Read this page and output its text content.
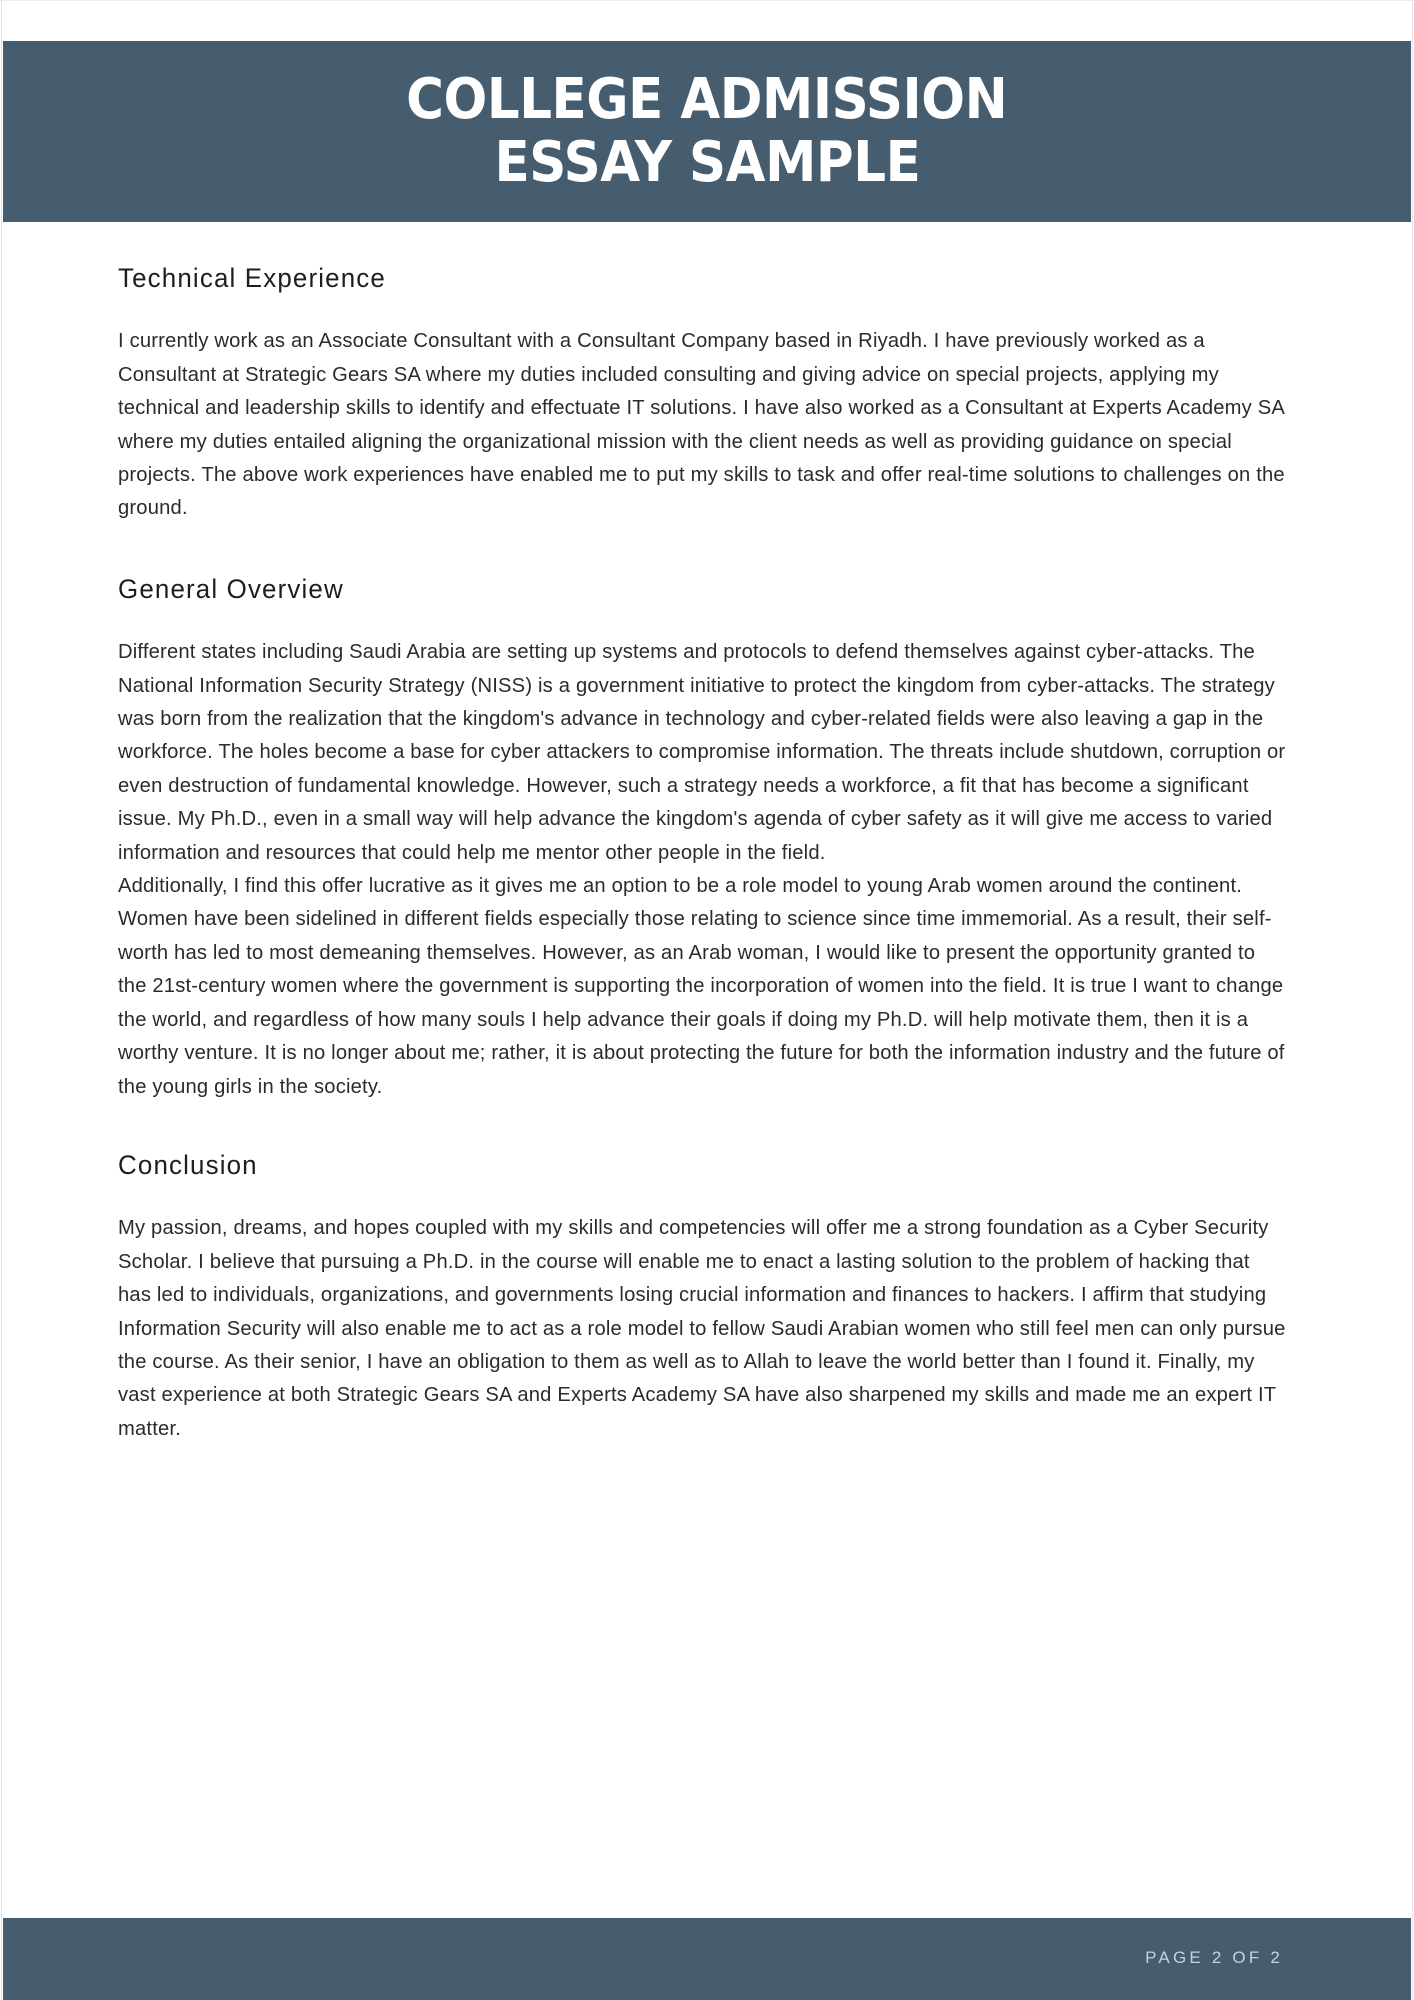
COLLEGE ADMISSION
ESSAY SAMPLE
Technical Experience

I currently work as an Associate Consultant with a Consultant Company based in Riyadh. I have previously worked as a Consultant at Strategic Gears SA where my duties included consulting and giving advice on special projects, applying my technical and leadership skills to identify and effectuate IT solutions. I have also worked as a Consultant at Experts Academy SA where my duties entailed aligning the organizational mission with the client needs as well as providing guidance on special projects. The above work experiences have enabled me to put my skills to task and offer real-time solutions to challenges on the ground.

General Overview

Different states including Saudi Arabia are setting up systems and protocols to defend themselves against cyber-attacks. The National Information Security Strategy (NISS) is a government initiative to protect the kingdom from cyber-attacks. The strategy was born from the realization that the kingdom's advance in technology and cyber-related fields were also leaving a gap in the workforce. The holes become a base for cyber attackers to compromise information. The threats include shutdown, corruption or even destruction of fundamental knowledge. However, such a strategy needs a workforce, a fit that has become a significant issue. My Ph.D., even in a small way will help advance the kingdom's agenda of cyber safety as it will give me access to varied information and resources that could help me mentor other people in the field.

Additionally, I find this offer lucrative as it gives me an option to be a role model to young Arab women around the continent. Women have been sidelined in different fields especially those relating to science since time immemorial. As a result, their self-worth has led to most demeaning themselves. However, as an Arab woman, I would like to present the opportunity granted to the 21st-century women where the government is supporting the incorporation of women into the field. It is true I want to change the world, and regardless of how many souls I help advance their goals if doing my Ph.D. will help motivate them, then it is a worthy venture. It is no longer about me; rather, it is about protecting the future for both the information industry and the future of the young girls in the society.

Conclusion

My passion, dreams, and hopes coupled with my skills and competencies will offer me a strong foundation as a Cyber Security Scholar. I believe that pursuing a Ph.D. in the course will enable me to enact a lasting solution to the problem of hacking that has led to individuals, organizations, and governments losing crucial information and finances to hackers. I affirm that studying Information Security will also enable me to act as a role model to fellow Saudi Arabian women who still feel men can only pursue the course. As their senior, I have an obligation to them as well as to Allah to leave the world better than I found it. Finally, my vast experience at both Strategic Gears SA and Experts Academy SA have also sharpened my skills and made me an expert IT matter.

PAGE 2 OF 2
